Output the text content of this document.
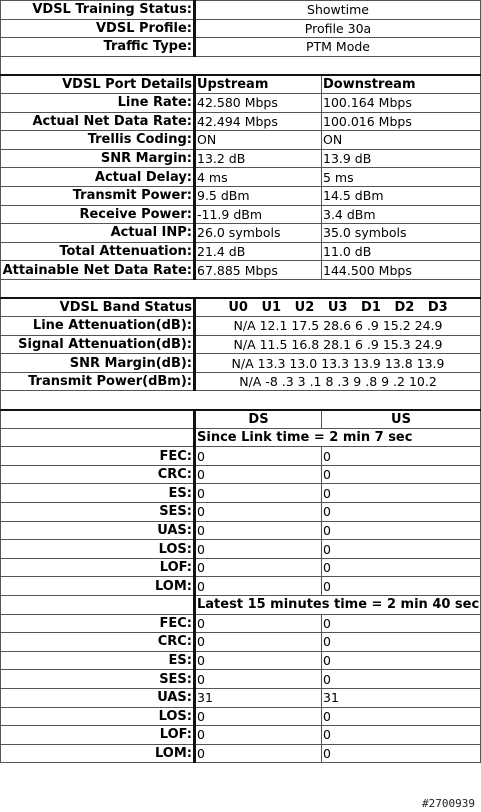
VDSL Training Status:	Showtime	
VDSL Profile:	Profile 30a	
Traffic Type:	PTM Mode	

VDSL Port Details	Upstream	Downstream
Line Rate:	42.580 Mbps	100.164 Mbps
Actual Net Data Rate:	42.494 Mbps	100.016 Mbps
Trellis Coding:	ON	ON
SNR Margin:	13.2 dB	13.9 dB
Actual Delay:	4 ms	5 ms
Transmit Power:	9.5 dBm	14.5 dBm
Receive Power:	-11.9 dBm	3.4 dBm
Actual INP:	26.0 symbols	35.0 symbols
Total Attenuation:	21.4 dB	11.0 dB
Attainable Net Data Rate:	67.885 Mbps	144.500 Mbps

VDSL Band Status	U0   U1   U2   U3   D1   D2   D3	
Line Attenuation(dB):	N/A 12.1 17.5 28.6 6 .9 15.2 24.9	
Signal Attenuation(dB):	N/A 11.5 16.8 28.1 6 .9 15.3 24.9	
SNR Margin(dB):	N/A 13.3 13.0 13.3 13.9 13.8 13.9	
Transmit Power(dBm):	N/A -8 .3 3 .1 8 .3 9 .8 9 .2 10.2	

	DS	US
	Since Link time = 2 min 7 sec	
FEC:	0	0
CRC:	0	0
ES:	0	0
SES:	0	0
UAS:	0	0
LOS:	0	0
LOF:	0	0
LOM:	0	0
	Latest 15 minutes time = 2 min 40 sec	
FEC:	0	0
CRC:	0	0
ES:	0	0
SES:	0	0
UAS:	31	31
LOS:	0	0
LOF:	0	0
LOM:	0	0
#2700939
